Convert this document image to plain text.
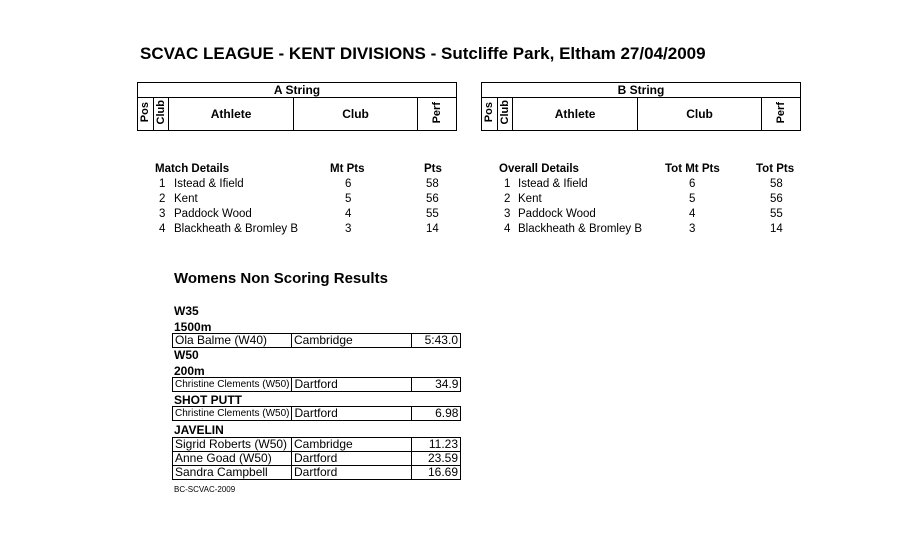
SCVAC LEAGUE - KENT DIVISIONS - Sutcliffe Park, Eltham 27/04/2009
A String
Pos	Club	Athlete	Club	Perf
B String
Pos	Club	Athlete	Club	Perf
Match Details	Mt Pts	Pts
1 Istead & Ifield	6	58
2 Kent	5	56
3 Paddock Wood	4	55
4 Blackheath & Bromley B	3	14
Overall Details	Tot Mt Pts	Tot Pts
1 Istead & Ifield	6	58
2 Kent	5	56
3 Paddock Wood	4	55
4 Blackheath & Bromley B	3	14
Womens Non Scoring Results
W35
1500m
Ola Balme (W40)	Cambridge	5:43.0
W50
200m
Christine Clements (W50)	Dartford	34.9
SHOT PUTT
Christine Clements (W50)	Dartford	6.98
JAVELIN
Sigrid Roberts (W50)	Cambridge	11.23
Anne Goad (W50)	Dartford	23.59
Sandra Campbell	Dartford	16.69
BC-SCVAC-2009
